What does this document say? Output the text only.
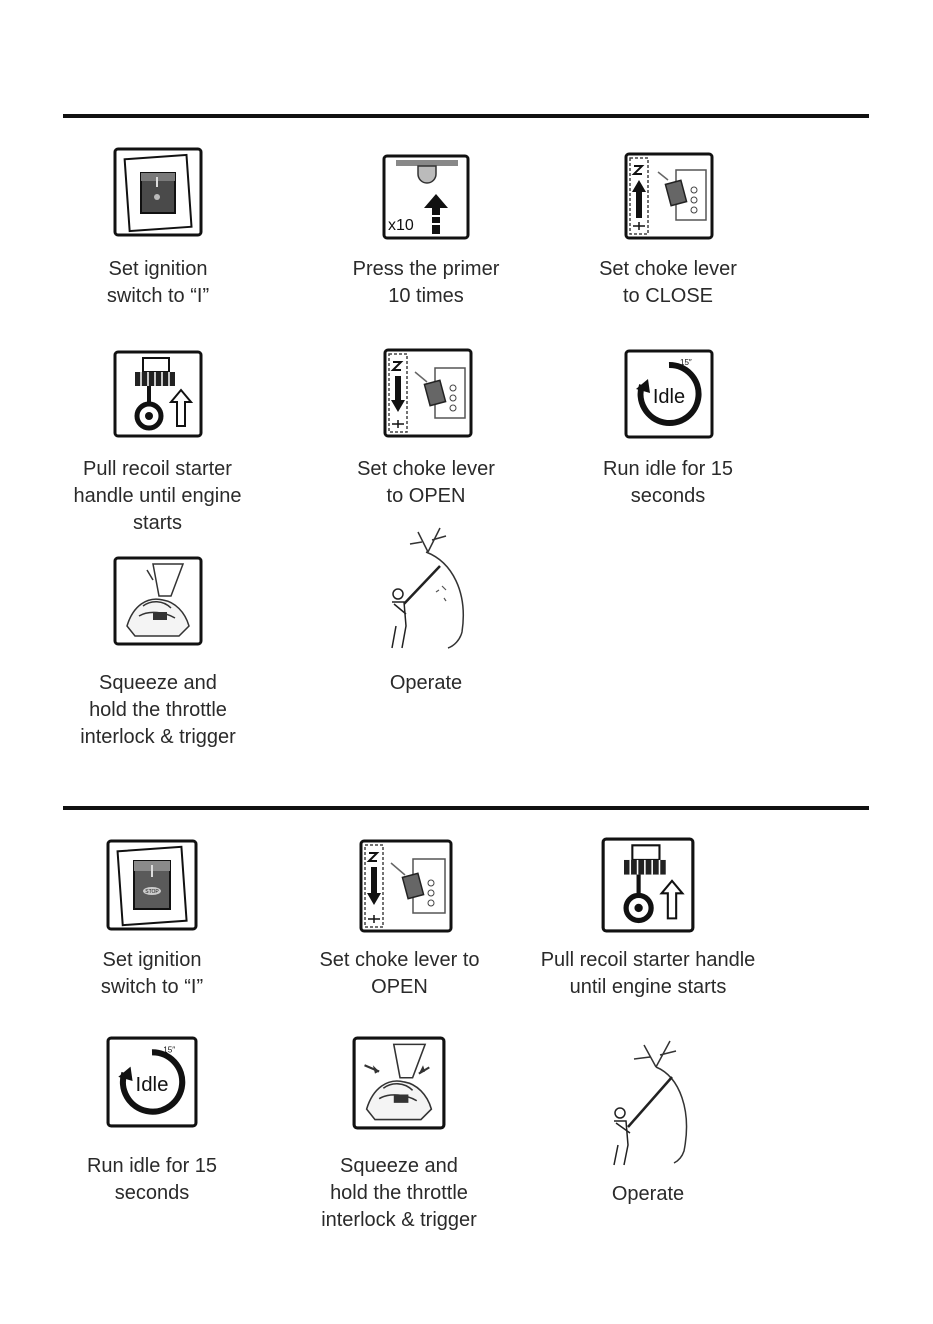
Set ignition
switch to “I”
x10
Press the primer
10 times
Set choke lever
to CLOSE
Pull recoil starter
handle until engine
starts
Set choke lever
to OPEN
Idle
15″
Run idle for 15
seconds
Squeeze and
hold the throttle
interlock & trigger
Operate
STOP
Set ignition
switch to “I”
Set choke lever to
OPEN
Pull recoil starter handle
until engine starts
Idle
15″
Run idle for 15
seconds
Squeeze and
hold the throttle
interlock & trigger
Operate
